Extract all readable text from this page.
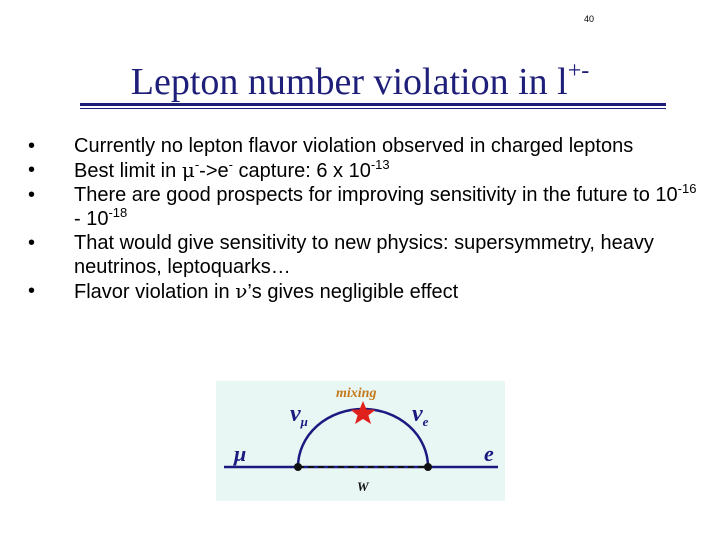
40
Lepton number violation in l+-
• Currently no lepton flavor violation observed in charged leptons
• Best limit in μ-->e- capture: 6 x $10^{-13}$
• There are good prospects for improving sensitivity in the future to $10^{-16} - 10^{-18}$
• That would give sensitivity to new physics: supersymmetry, heavy neutrinos, leptoquarks…
• Flavor violation in ν’s gives negligible effect
mixing
$\nu_\mu$	$\nu_e$
μ	e
W
